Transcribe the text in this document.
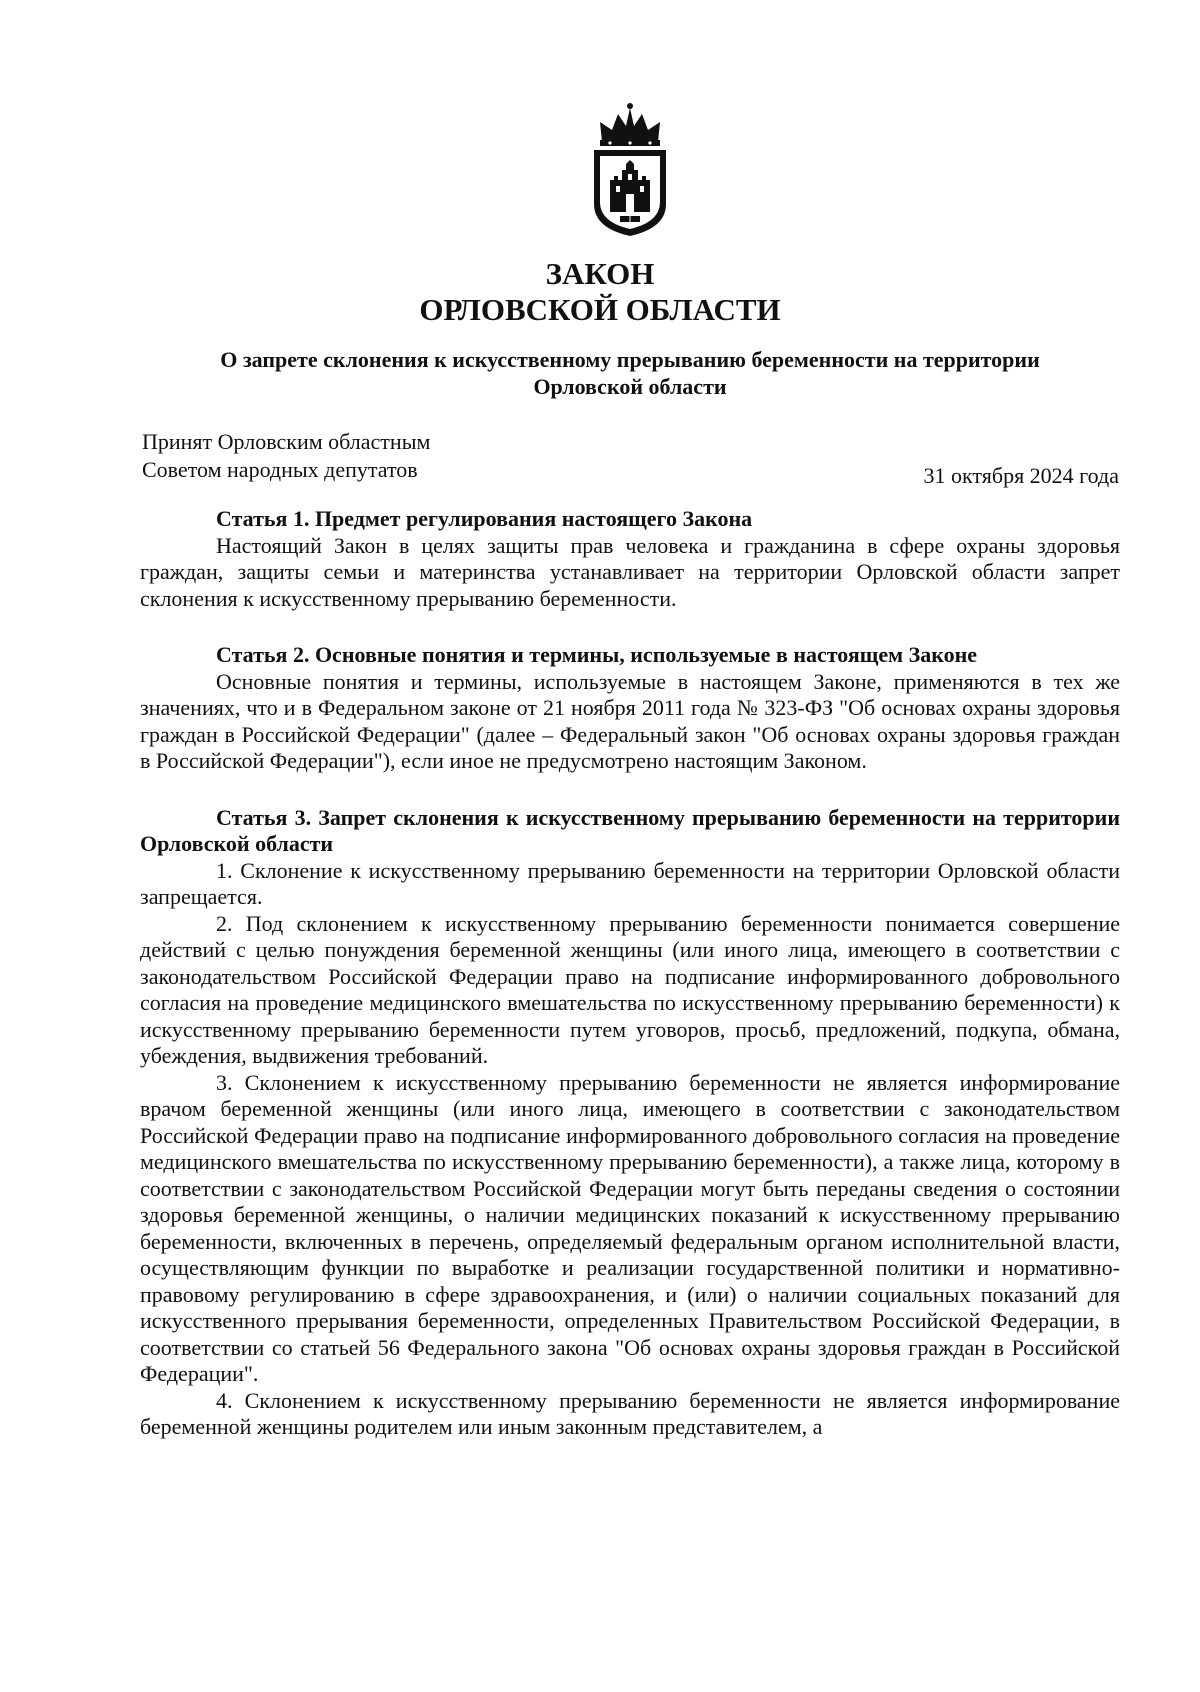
ЗАКОН
ОРЛОВСКОЙ ОБЛАСТИ

О запрете склонения к искусственному прерыванию беременности на территории Орловской области

Принят Орловским областным
Советом народных депутатов	31 октября 2024 года

Статья 1. Предмет регулирования настоящего Закона

Настоящий Закон в целях защиты прав человека и гражданина в сфере охраны здоровья граждан, защиты семьи и материнства устанавливает на территории Орловской области запрет склонения к искусственному прерыванию беременности.

Статья 2. Основные понятия и термины, используемые в настоящем Законе

Основные понятия и термины, используемые в настоящем Законе, применяются в тех же значениях, что и в Федеральном законе от 21 ноября 2011 года № 323-ФЗ "Об основах охраны здоровья граждан в Российской Федерации" (далее – Федеральный закон "Об основах охраны здоровья граждан в Российской Федерации"), если иное не предусмотрено настоящим Законом.

Статья 3. Запрет склонения к искусственному прерыванию беременности на территории Орловской области

1. Склонение к искусственному прерыванию беременности на территории Орловской области запрещается.

2. Под склонением к искусственному прерыванию беременности понимается совершение действий с целью понуждения беременной женщины (или иного лица, имеющего в соответствии с законодательством Российской Федерации право на подписание информированного добровольного согласия на проведение медицинского вмешательства по искусственному прерыванию беременности) к искусственному прерыванию беременности путем уговоров, просьб, предложений, подкупа, обмана, убеждения, выдвижения требований.

3. Склонением к искусственному прерыванию беременности не является информирование врачом беременной женщины (или иного лица, имеющего в соответствии с законодательством Российской Федерации право на подписание информированного добровольного согласия на проведение медицинского вмешательства по искусственному прерыванию беременности), а также лица, которому в соответствии с законодательством Российской Федерации могут быть переданы сведения о состоянии здоровья беременной женщины, о наличии медицинских показаний к искусственному прерыванию беременности, включенных в перечень, определяемый федеральным органом исполнительной власти, осуществляющим функции по выработке и реализации государственной политики и нормативно-правовому регулированию в сфере здравоохранения, и (или) о наличии социальных показаний для искусственного прерывания беременности, определенных Правительством Российской Федерации, в соответствии со статьей 56 Федерального закона "Об основах охраны здоровья граждан в Российской Федерации".

4. Склонением к искусственному прерыванию беременности не является информирование беременной женщины родителем или иным законным представителем, а
